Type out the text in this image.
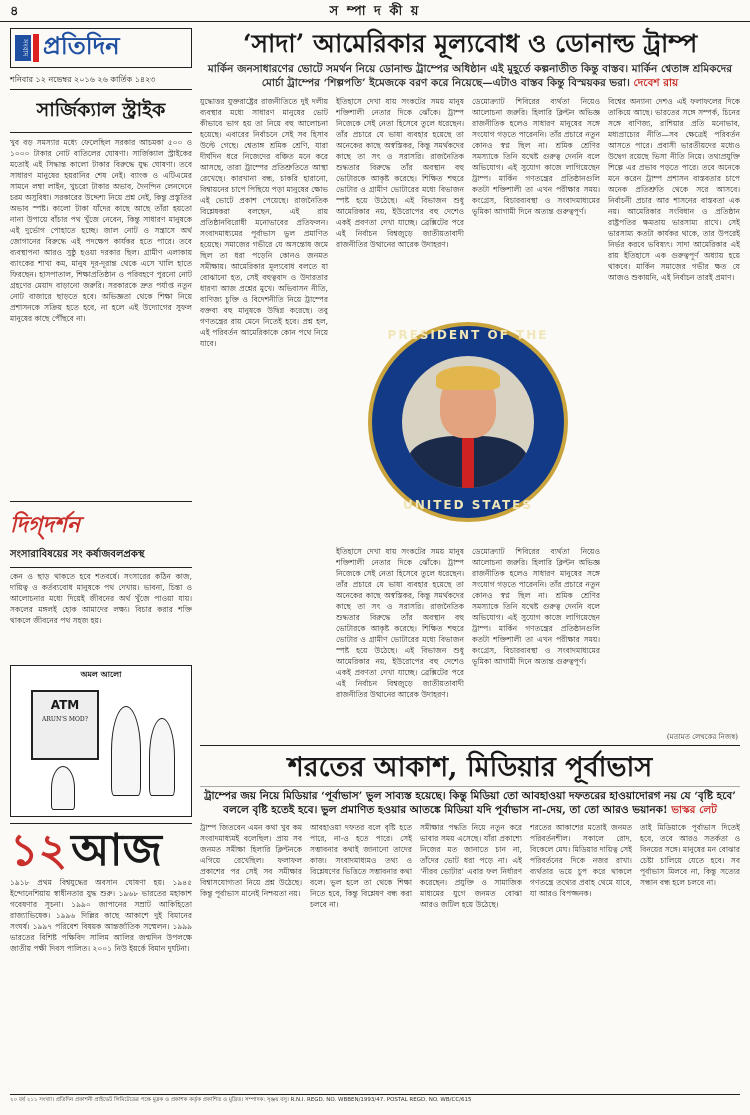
৪	স ম্পা দ কী য়
সংবাদ প্রতিদিন
শনিবার ১২ নভেম্বর ২০১৬ ২৬ কার্তিক ১৪২৩
সার্জিক্যাল স্ট্রাইক
খুব বড় সমস্যার মধ্যে ফেলেছিল সরকার আচমকা ৫০০ ও ১০০০ টাকার নোট বাতিলের ঘোষণা। সার্জিক্যাল স্ট্রাইকের মতোই এই সিদ্ধান্ত কালো টাকার বিরুদ্ধে যুদ্ধ ঘোষণা। তবে সাধারণ মানুষের হয়রানির শেষ নেই। ব্যাংক ও এটিএমের সামনে লম্বা লাইন, খুচরো টাকার অভাব, দৈনন্দিন লেনদেনে চরম অসুবিধা। সরকারের উদ্দেশ্য নিয়ে প্রশ্ন নেই, কিন্তু প্রস্তুতির অভাব স্পষ্ট। কালো টাকা যাঁদের কাছে আছে তাঁরা হয়তো নানা উপায়ে বাঁচার পথ খুঁজে নেবেন, কিন্তু সাধারণ মানুষকে এই দুর্ভোগ পোহাতে হচ্ছে। জাল নোট ও সন্ত্রাসে অর্থ জোগানের বিরুদ্ধে এই পদক্ষেপ কার্যকর হতে পারে। তবে ব্যবস্থাপনা আরও সুষ্ঠু হওয়া দরকার ছিল। গ্রামীণ এলাকায় ব্যাংকের শাখা কম, মানুষ দূর-দূরান্ত থেকে এসে খালি হাতে ফিরছেন। হাসপাতাল, শিক্ষাপ্রতিষ্ঠান ও পরিবহণে পুরনো নোট গ্রহণের মেয়াদ বাড়ানো জরুরি। সরকারকে দ্রুত পর্যাপ্ত নতুন নোট বাজারে ছাড়তে হবে। অভিজ্ঞতা থেকে শিক্ষা নিয়ে প্রশাসনকে সক্রিয় হতে হবে, না হলে এই উদ্যোগের সুফল মানুষের কাছে পৌঁছবে না।
দিগ্‌দর্শন
সংসারাবিষয়ের সং কর্ষাজবলপ্রকস্থ
কেন ও ছাড় থাকতে হবে শতবর্ষে। সংসারের কঠিন কাজ, দায়িত্ব ও কর্তব্যবোধ মানুষকে পথ দেখায়। ভাবনা, চিন্তা ও আলোচনার মধ্যে দিয়েই জীবনের অর্থ খুঁজে পাওয়া যায়। সকলের মঙ্গলই হোক আমাদের লক্ষ্য। বিচার করার শক্তি থাকলে জীবনের পথ সহজ হয়।
অমল আলো
ATM
ARUN'S MOD?
১২ আজ
১৯১৮ প্রথম বিশ্বযুদ্ধের অবসান ঘোষণা হয়। ১৯৪৫ ইন্দোনেশিয়ায় স্বাধীনতার যুদ্ধ শুরু। ১৯৬৮ ভারতের মহাকাশ গবেষণার সূচনা। ১৯৯০ জাপানের সম্রাট আকিহিতো রাজ্যাভিষেক। ১৯৯৬ দিল্লির কাছে আকাশে দুই বিমানের সংঘর্ষ। ১৯৯৭ পরিবেশ বিষয়ক আন্তর্জাতিক সম্মেলন। ১৯৯৯ ভারতের বিশিষ্ট পক্ষিবিদ সালিম আলির জন্মদিন উপলক্ষে জাতীয় পক্ষী দিবস পালিত। ২০০১ নিউ ইয়র্কে বিমান দুর্ঘটনা।
‘সাদা’ আমেরিকার মূল্যবোধ ও ডোনাল্ড ট্রাম্প
মার্কিন জনসাধারণের ভোটে সমর্থন নিয়ে ডোনাল্ড ট্রাম্পের অধিষ্ঠান এই মুহূর্তে কল্পনাতীত কিন্তু বাস্তব। মার্কিন শ্বেতাঙ্গ শ্রমিকদের মোর্চা ট্রাম্পের ‘শিল্পপতি’ ইমেজকে বরণ করে নিয়েছে—এটাও বাস্তব কিন্তু বিস্ময়কর ভরা। দেবেশ রায়
যুদ্ধোত্তর যুক্তরাষ্ট্রের রাজনীতিতে দুই দলীয় ব্যবস্থার মধ্যে সাধারণ মানুষের ভোট কীভাবে ভাগ হয় তা নিয়ে বহু আলোচনা হয়েছে। এবারের নির্বাচনে সেই সব হিসাব উল্টে গেছে। শ্বেতাঙ্গ শ্রমিক শ্রেণি, যারা দীর্ঘদিন ধরে নিজেদের বঞ্চিত মনে করে আসছে, তারা ট্রাম্পের প্রতিশ্রুতিতে আস্থা রেখেছে। কারখানা বন্ধ, চাকরি হারানো, বিশ্বায়নের চাপে পিছিয়ে পড়া মানুষের ক্ষোভ এই ভোটে প্রকাশ পেয়েছে। রাজনৈতিক বিশ্লেষকরা বলছেন, এই রায় প্রতিষ্ঠানবিরোধী মনোভাবের প্রতিফলন। সংবাদমাধ্যমের পূর্বাভাস ভুল প্রমাণিত হয়েছে। সমাজের গভীরে যে অসন্তোষ জমে ছিল তা ধরা পড়েনি কোনও জনমত সমীক্ষায়। আমেরিকার মূল্যবোধ বলতে যা বোঝানো হত, সেই বহুত্ববাদ ও উদারতার ধারণা আজ প্রশ্নের মুখে। অভিবাসন নীতি, বাণিজ্য চুক্তি ও বিদেশনীতি নিয়ে ট্রাম্পের বক্তব্য বহু মানুষকে উদ্বিগ্ন করেছে। তবু গণতন্ত্রের রায় মেনে নিতেই হবে। প্রশ্ন হল, এই পরিবর্তন আমেরিকাকে কোন পথে নিয়ে যাবে।
ইতিহাসে দেখা যায় সংকটের সময় মানুষ শক্তিশালী নেতার দিকে ঝোঁকে। ট্রাম্প নিজেকে সেই নেতা হিসেবে তুলে ধরেছেন। তাঁর প্রচারে যে ভাষা ব্যবহার হয়েছে তা অনেকের কাছে অস্বস্তিকর, কিন্তু সমর্থকদের কাছে তা সৎ ও সরাসরি। রাজনৈতিক শুদ্ধতার বিরুদ্ধে তাঁর অবস্থান বহু ভোটারকে আকৃষ্ট করেছে। শিক্ষিত শহুরে ভোটার ও গ্রামীণ ভোটারের মধ্যে বিভাজন স্পষ্ট হয়ে উঠেছে। এই বিভাজন শুধু আমেরিকার নয়, ইউরোপের বহু দেশেও একই প্রবণতা দেখা যাচ্ছে। ব্রেক্সিটের পরে এই নির্বাচন বিশ্বজুড়ে জাতীয়তাবাদী রাজনীতির উত্থানের আরেক উদাহরণ।
ডেমোক্র্যাট শিবিরের ব্যর্থতা নিয়েও আলোচনা জরুরি। হিলারি ক্লিন্টন অভিজ্ঞ রাজনীতিক হলেও সাধারণ মানুষের সঙ্গে সংযোগ গড়তে পারেননি। তাঁর প্রচারে নতুন কোনও স্বপ্ন ছিল না। শ্রমিক শ্রেণির সমস্যাকে তিনি যথেষ্ট গুরুত্ব দেননি বলে অভিযোগ। এই সুযোগ কাজে লাগিয়েছেন ট্রাম্প। মার্কিন গণতন্ত্রের প্রতিষ্ঠানগুলি কতটা শক্তিশালী তা এখন পরীক্ষার সময়। কংগ্রেস, বিচারব্যবস্থা ও সংবাদমাধ্যমের ভূমিকা আগামী দিনে অত্যন্ত গুরুত্বপূর্ণ।
বিশ্বের অন্যান্য দেশও এই ফলাফলের দিকে তাকিয়ে আছে। ভারতের সঙ্গে সম্পর্ক, চিনের সঙ্গে বাণিজ্য, রাশিয়ার প্রতি মনোভাব, মধ্যপ্রাচ্যের নীতি—সব ক্ষেত্রেই পরিবর্তন আসতে পারে। প্রবাসী ভারতীয়দের মধ্যেও উদ্বেগ রয়েছে ভিসা নীতি নিয়ে। তথ্যপ্রযুক্তি শিল্পে এর প্রভাব পড়তে পারে। তবে অনেকে মনে করেন ট্রাম্প প্রশাসন বাস্তবতার চাপে অনেক প্রতিশ্রুতি থেকে সরে আসবে। নির্বাচনী প্রচার আর শাসনের বাস্তবতা এক নয়। আমেরিকার সংবিধান ও প্রতিষ্ঠান রাষ্ট্রপতির ক্ষমতায় ভারসাম্য রাখে। সেই ভারসাম্য কতটা কার্যকর থাকে, তার উপরেই নির্ভর করবে ভবিষ্যৎ। সাদা আমেরিকার এই রায় ইতিহাসে এক গুরুত্বপূর্ণ অধ্যায় হয়ে থাকবে। মার্কিন সমাজের গভীর ক্ষত যে আজও শুকায়নি, এই নির্বাচন তারই প্রমাণ।
ইতিহাসে দেখা যায় সংকটের সময় মানুষ শক্তিশালী নেতার দিকে ঝোঁকে। ট্রাম্প নিজেকে সেই নেতা হিসেবে তুলে ধরেছেন। তাঁর প্রচারে যে ভাষা ব্যবহার হয়েছে তা অনেকের কাছে অস্বস্তিকর, কিন্তু সমর্থকদের কাছে তা সৎ ও সরাসরি। রাজনৈতিক শুদ্ধতার বিরুদ্ধে তাঁর অবস্থান বহু ভোটারকে আকৃষ্ট করেছে। শিক্ষিত শহুরে ভোটার ও গ্রামীণ ভোটারের মধ্যে বিভাজন স্পষ্ট হয়ে উঠেছে। এই বিভাজন শুধু আমেরিকার নয়, ইউরোপের বহু দেশেও একই প্রবণতা দেখা যাচ্ছে। ব্রেক্সিটের পরে এই নির্বাচন বিশ্বজুড়ে জাতীয়তাবাদী রাজনীতির উত্থানের আরেক উদাহরণ।
ডেমোক্র্যাট শিবিরের ব্যর্থতা নিয়েও আলোচনা জরুরি। হিলারি ক্লিন্টন অভিজ্ঞ রাজনীতিক হলেও সাধারণ মানুষের সঙ্গে সংযোগ গড়তে পারেননি। তাঁর প্রচারে নতুন কোনও স্বপ্ন ছিল না। শ্রমিক শ্রেণির সমস্যাকে তিনি যথেষ্ট গুরুত্ব দেননি বলে অভিযোগ। এই সুযোগ কাজে লাগিয়েছেন ট্রাম্প। মার্কিন গণতন্ত্রের প্রতিষ্ঠানগুলি কতটা শক্তিশালী তা এখন পরীক্ষার সময়। কংগ্রেস, বিচারব্যবস্থা ও সংবাদমাধ্যমের ভূমিকা আগামী দিনে অত্যন্ত গুরুত্বপূর্ণ।
PRESIDENT OF THE
UNITED STATES
(মতামত লেখকের নিজস্ব)
শরতের আকাশ, মিডিয়ার পূর্বাভাস
ট্রাম্পের জয় নিয়ে মিডিয়ার ‘পূর্বাভাস’ ভুল সাব্যস্ত হয়েছে। কিন্তু মিডিয়া তো আবহাওয়া দফতরের হাওয়াদোরগ নয় যে ‘বৃষ্টি হবে’ বললে বৃষ্টি হতেই হবে। ভুল প্রমাণিত হওয়ার আতঙ্কে মিডিয়া যদি পূর্বাভাস না-দেয়, তা তো আরও ভয়ানক! ভাস্কর লেট
ট্রাম্প জিতবেন এমন কথা খুব কম সংবাদমাধ্যমই বলেছিল। প্রায় সব জনমত সমীক্ষা হিলারি ক্লিন্টনকে এগিয়ে রেখেছিল। ফলাফল প্রকাশের পর সেই সব সমীক্ষার বিশ্বাসযোগ্যতা নিয়ে প্রশ্ন উঠেছে। কিন্তু পূর্বাভাস মানেই নিশ্চয়তা নয়।
আবহাওয়া দফতর বলে বৃষ্টি হতে পারে, না-ও হতে পারে। সেই সম্ভাবনার কথাই জানানো তাদের কাজ। সংবাদমাধ্যমও তথ্য ও বিশ্লেষণের ভিত্তিতে সম্ভাবনার কথা বলে। ভুল হলে তা থেকে শিক্ষা নিতে হবে, কিন্তু বিশ্লেষণ বন্ধ করা চলবে না।
সমীক্ষার পদ্ধতি নিয়ে নতুন করে ভাবার সময় এসেছে। যাঁরা প্রকাশ্যে নিজের মত জানাতে চান না, তাঁদের ভোট ধরা পড়ে না। এই ‘নীরব ভোটার’ এবার ফল নির্ধারণ করেছেন। প্রযুক্তি ও সামাজিক মাধ্যমের যুগে জনমত বোঝা আরও জটিল হয়ে উঠেছে।
শরতের আকাশের মতোই জনমত পরিবর্তনশীল। সকালে রোদ, বিকেলে মেঘ। মিডিয়ার দায়িত্ব সেই পরিবর্তনের দিকে নজর রাখা। ব্যর্থতার ভয়ে চুপ করে থাকলে গণতন্ত্রে তথ্যের প্রবাহ থেমে যাবে, যা আরও বিপজ্জনক।
তাই মিডিয়াকে পূর্বাভাস দিতেই হবে, তবে আরও সতর্কতা ও বিনয়ের সঙ্গে। মানুষের মন বোঝার চেষ্টা চালিয়ে যেতে হবে। সব পূর্বাভাস মিলবে না, কিন্তু সত্যের সন্ধান বন্ধ হলে চলবে না।
২০ বর্ষ ২১১ সংখ্যা। প্রতিদিন প্রকাশনী প্রাইভেট লিমিটেডের পক্ষে মুদ্রক ও প্রকাশক কর্তৃক প্রকাশিত ও মুদ্রিত। সম্পাদক: সৃঞ্জয় বসু। R.N.I. REGD. NO. WBBEN/1993/47. POSTAL REGD. NO. WB/CC/615
